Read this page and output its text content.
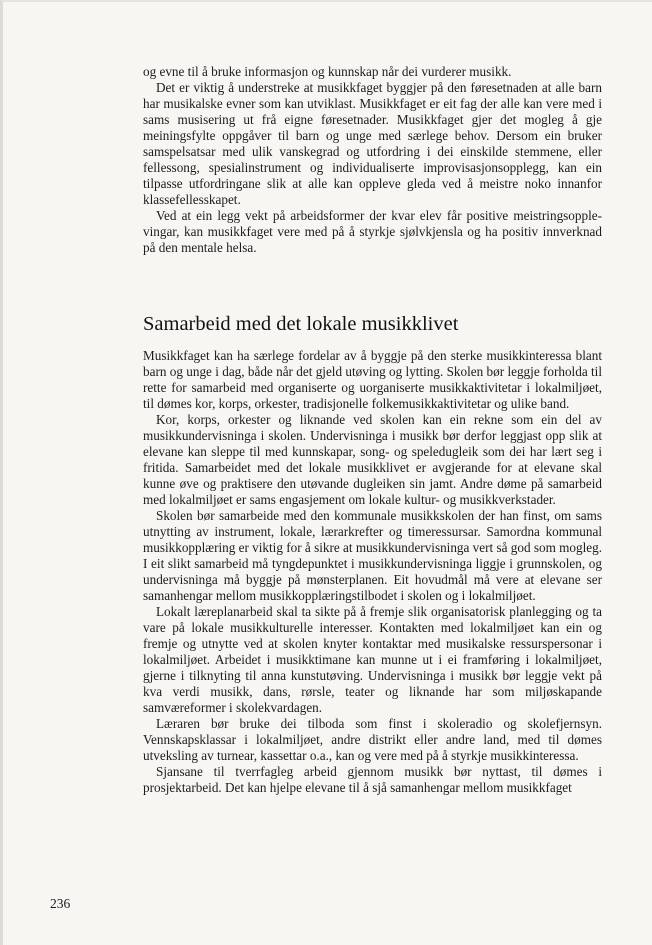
og evne til å bruke informasjon og kunnskap når dei vurderer musikk.

Det er viktig å understreke at musikkfaget byggjer på den føresetnaden at alle barn har musikalske evner som kan utviklast. Musikkfaget er eit fag der alle kan vere med i sams musisering ut frå eigne føresetnader. Musikkfaget gjer det mogleg å gje meiningsfylte oppgåver til barn og unge med særlege behov. Dersom ein bruker samspelsatsar med ulik vanskegrad og utfordring i dei einskilde stemmene, eller fellessong, spesialinstrument og individualiserte improvisasjonsopplegg, kan ein tilpasse utfordringane slik at alle kan oppleve gleda ved å meistre noko innanfor klassefellesskapet.

Ved at ein legg vekt på arbeidsformer der kvar elev får positive meistringsopplevingar, kan musikkfaget vere med på å styrkje sjølvkjensla og ha positiv innverknad på den mentale helsa.

Samarbeid med det lokale musikklivet

Musikkfaget kan ha særlege fordelar av å byggje på den sterke musikkinteressa blant barn og unge i dag, både når det gjeld utøving og lytting. Skolen bør leggje forholda til rette for samarbeid med organiserte og uorganiserte musikkaktivitetar i lokalmiljøet, til dømes kor, korps, orkester, tradisjonelle folkemusikkaktivitetar og ulike band.

Kor, korps, orkester og liknande ved skolen kan ein rekne som ein del av musikkundervisninga i skolen. Undervisninga i musikk bør derfor leggjast opp slik at elevane kan sleppe til med kunnskapar, song- og speledugleik som dei har lært seg i fritida. Samarbeidet med det lokale musikklivet er avgjerande for at elevane skal kunne øve og praktisere den utøvande dugleiken sin jamt. Andre døme på samarbeid med lokalmiljøet er sams engasjement om lokale kultur- og musikkverkstader.

Skolen bør samarbeide med den kommunale musikkskolen der han finst, om sams utnytting av instrument, lokale, lærarkrefter og timeressursar. Samordna kommunal musikkopplæring er viktig for å sikre at musikkundervisninga vert så god som mogleg. I eit slikt samarbeid må tyngdepunktet i musikkundervisninga liggje i grunnskolen, og undervisninga må byggje på mønsterplanen. Eit hovudmål må vere at elevane ser samanhengar mellom musikkopplæringstilbodet i skolen og i lokalmiljøet.

Lokalt læreplanarbeid skal ta sikte på å fremje slik organisatorisk planlegging og ta vare på lokale musikkulturelle interesser. Kontakten med lokalmiljøet kan ein og fremje og utnytte ved at skolen knyter kontaktar med musikalske ressurspersonar i lokalmiljøet. Arbeidet i musikktimane kan munne ut i ei framføring i lokalmiljøet, gjerne i tilknyting til anna kunstutøving. Undervisninga i musikk bør leggje vekt på kva verdi musikk, dans, rørsle, teater og liknande har som miljøskapande samværeformer i skolekvardagen.

Læraren bør bruke dei tilboda som finst i skoleradio og skolefjernsyn. Vennskapsklassar i lokalmiljøet, andre distrikt eller andre land, med til dømes utveksling av turnear, kassettar o.a., kan og vere med på å styrkje musikkinteressa.

Sjansane til tverrfagleg arbeid gjennom musikk bør nyttast, til dømes i prosjektarbeid. Det kan hjelpe elevane til å sjå samanhengar mellom musikkfaget

236
